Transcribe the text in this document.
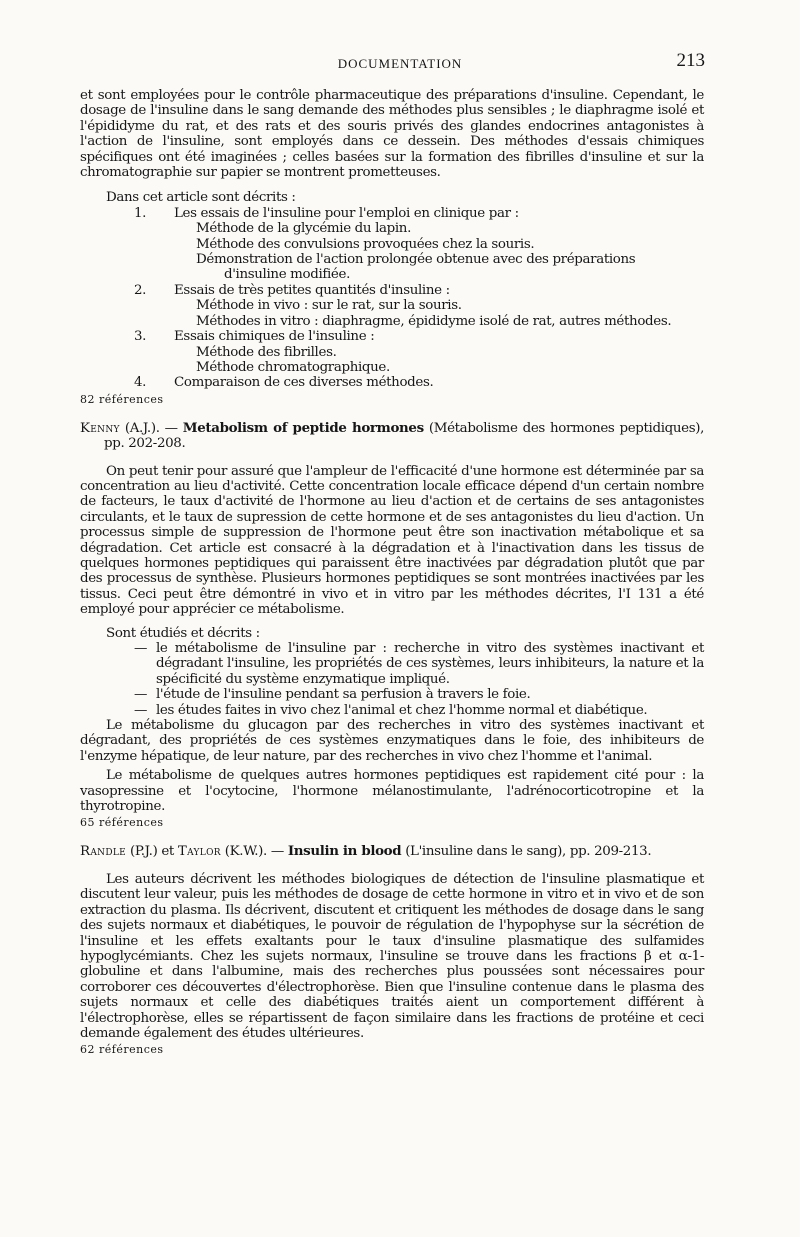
DOCUMENTATION	213

et sont employées pour le contrôle pharmaceutique des préparations d'insuline. Cependant, le dosage de l'insuline dans le sang demande des méthodes plus sensibles ; le diaphragme isolé et l'épididyme du rat, et des rats et des souris privés des glandes endocrines antagonistes à l'action de l'insuline, sont employés dans ce dessein. Des méthodes d'essais chimiques spécifiques ont été imaginées ; celles basées sur la formation des fibrilles d'insuline et sur la chromatographie sur papier se montrent prometteuses.

Dans cet article sont décrits :

1.	Les essais de l'insuline pour l'emploi en clinique par :
Méthode de la glycémie du lapin.
Méthode des convulsions provoquées chez la souris.
Démonstration de l'action prolongée obtenue avec des préparations
d'insuline modifiée.
2.	Essais de très petites quantités d'insuline :
Méthode in vivo : sur le rat, sur la souris.
Méthodes in vitro : diaphragme, épididyme isolé de rat, autres méthodes.
3.	Essais chimiques de l'insuline :
Méthode des fibrilles.
Méthode chromatographique.
4.	Comparaison de ces diverses méthodes.
82 références

Kenny (A.J.). — Metabolism of peptide hormones (Métabolisme des hormones peptidiques), pp. 202-208.

On peut tenir pour assuré que l'ampleur de l'efficacité d'une hormone est déterminée par sa concentration au lieu d'activité. Cette concentration locale efficace dépend d'un certain nombre de facteurs, le taux d'activité de l'hormone au lieu d'action et de certains de ses antagonistes circulants, et le taux de supression de cette hormone et de ses antagonistes du lieu d'action. Un processus simple de suppression de l'hormone peut être son inactivation métabolique et sa dégradation. Cet article est consacré à la dégradation et à l'inactivation dans les tissus de quelques hormones peptidiques qui paraissent être inactivées par dégradation plutôt que par des processus de synthèse. Plusieurs hormones peptidiques se sont montrées inactivées par les tissus. Ceci peut être démontré in vivo et in vitro par les méthodes décrites, l'I 131 a été employé pour apprécier ce métabolisme.

Sont étudiés et décrits :

— le métabolisme de l'insuline par : recherche in vitro des systèmes inactivant et dégradant l'insuline, les propriétés de ces systèmes, leurs inhibiteurs, la nature et la spécificité du système enzymatique impliqué.
— l'étude de l'insuline pendant sa perfusion à travers le foie.
— les études faites in vivo chez l'animal et chez l'homme normal et diabétique.

Le métabolisme du glucagon par des recherches in vitro des systèmes inactivant et dégradant, des propriétés de ces systèmes enzymatiques dans le foie, des inhibiteurs de l'enzyme hépatique, de leur nature, par des recherches in vivo chez l'homme et l'animal.

Le métabolisme de quelques autres hormones peptidiques est rapidement cité pour : la vasopressine et l'ocytocine, l'hormone mélanostimulante, l'adrénocorticotropine et la thyrotropine.

65 références

Randle (P.J.) et Taylor (K.W.). — Insulin in blood (L'insuline dans le sang), pp. 209-213.

Les auteurs décrivent les méthodes biologiques de détection de l'insuline plasmatique et discutent leur valeur, puis les méthodes de dosage de cette hormone in vitro et in vivo et de son extraction du plasma. Ils décrivent, discutent et critiquent les méthodes de dosage dans le sang des sujets normaux et diabétiques, le pouvoir de régulation de l'hypophyse sur la sécrétion de l'insuline et les effets exaltants pour le taux d'insuline plasmatique des sulfamides hypoglycémiants. Chez les sujets normaux, l'insuline se trouve dans les fractions β et α-1-globuline et dans l'albumine, mais des recherches plus poussées sont nécessaires pour corroborer ces découvertes d'électrophorèse. Bien que l'insuline contenue dans le plasma des sujets normaux et celle des diabétiques traités aient un comportement différent à l'électrophorèse, elles se répartissent de façon similaire dans les fractions de protéine et ceci demande également des études ultérieures.

62 références
